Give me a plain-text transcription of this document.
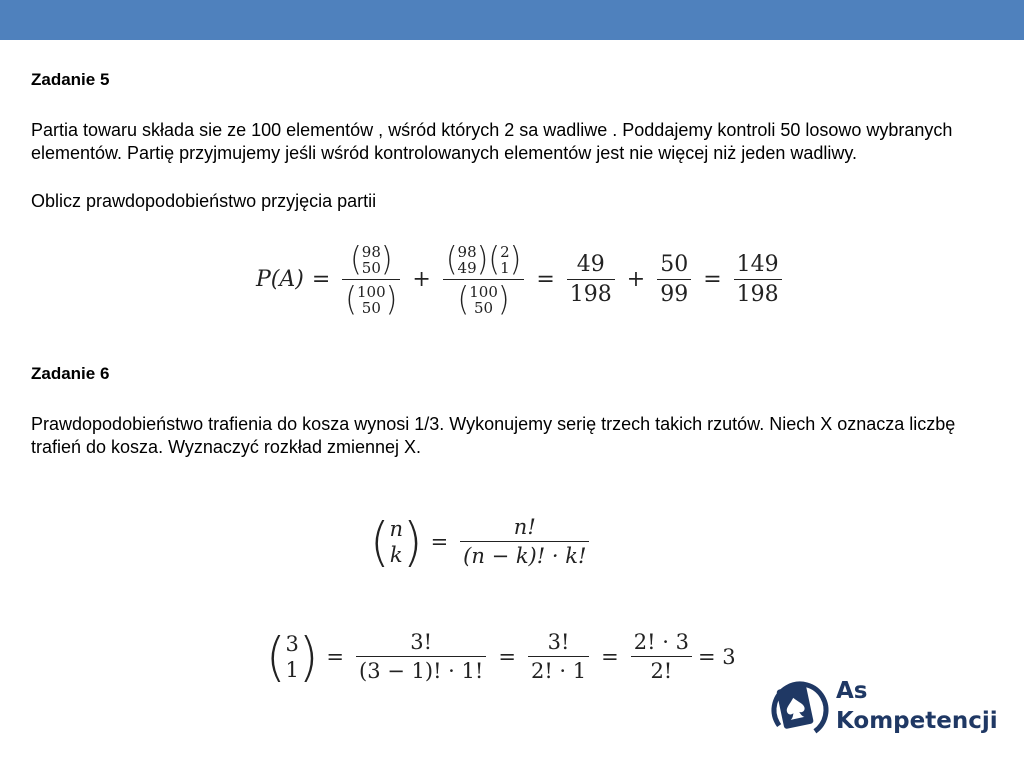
Zadanie 5

Partia towaru składa sie ze 100 elementów , wśród których 2 sa wadliwe . Poddajemy kontroli 50 losowo wybranych elementów. Partię przyjmujemy jeśli wśród kontrolowanych elementów jest nie więcej niż jeden wadliwy.

Oblicz prawdopodobieństwo przyjęcia partii

P(A) = ( 98
50 )
( 100
50 ) +
( 98
49 ) ( 2
1 )
( 100
50 )
= $\frac{49}{198} + \frac{50}{99} = \frac{149}{198}$

Zadanie 6

Prawdopodobieństwo trafienia do kosza wynosi 1/3. Wykonujemy serię trzech takich rzutów. Niech X oznacza liczbę trafień do kosza. Wyznaczyć rozkład zmiennej X.

( n
k ) = $\frac{n!}{(n - k)! \cdot k!}$
( 3
1 ) = $\frac{3!}{(3 - 1)! \cdot 1!} = \frac{3!}{2! \cdot 1} = \frac{2! \cdot 3}{2!} = 3$
As
Kompetencji
